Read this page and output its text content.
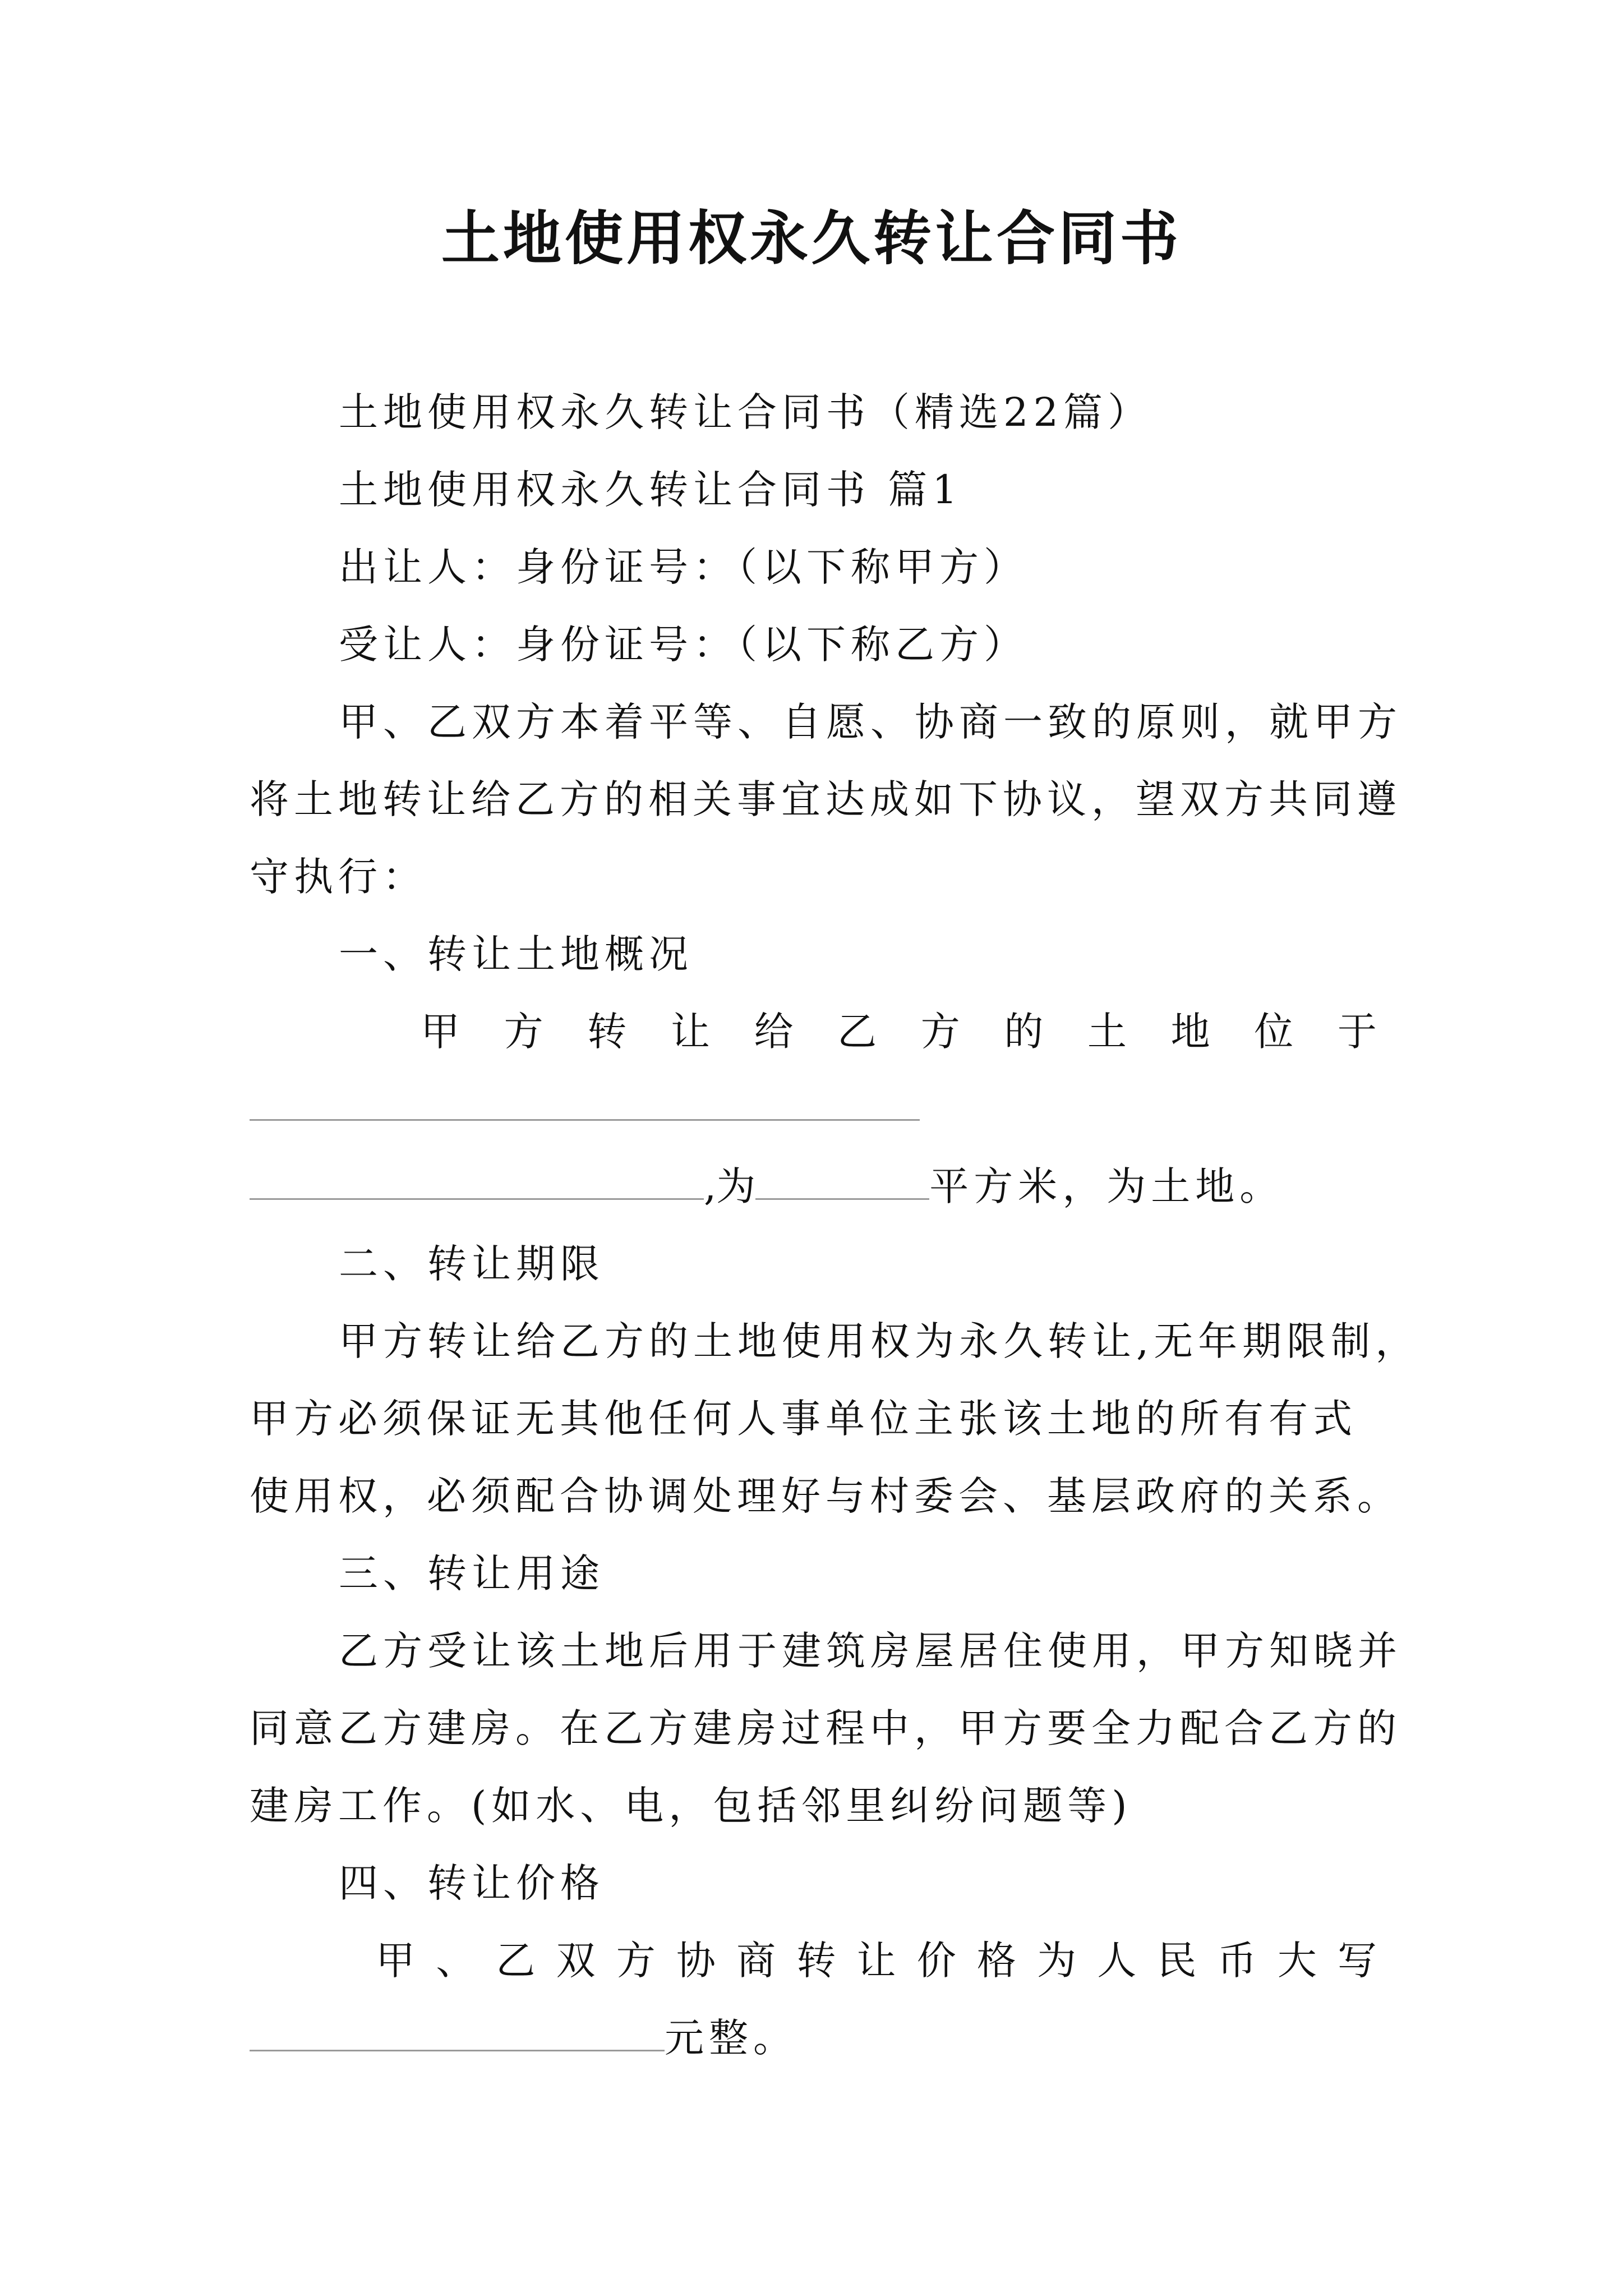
土地使用权永久转让合同书
土地使用权永久转让合同书（精选22篇）
土地使用权永久转让合同书 篇1
出让人：身份证号：（以下称甲方）
受让人：身份证号：（以下称乙方）
甲、乙双方本着平等、自愿、协商一致的原则，就甲方
将土地转让给乙方的相关事宜达成如下协议，望双方共同遵
守执行：
一、转让土地概况
甲 方 转 让 给 乙 方 的 土 地 位 于
,为	平方米，为土地。
二、转让期限
甲方转让给乙方的土地使用权为永久转让,无年期限制，
甲方必须保证无其他任何人事单位主张该土地的所有有式
使用权，必须配合协调处理好与村委会、基层政府的关系。
三、转让用途
乙方受让该土地后用于建筑房屋居住使用，甲方知晓并
同意乙方建房。在乙方建房过程中，甲方要全力配合乙方的
建房工作。(如水、电，包括邻里纠纷问题等)
四、转让价格
甲 、 乙 双 方 协 商 转 让 价 格 为 人 民 币 大 写
元整。
